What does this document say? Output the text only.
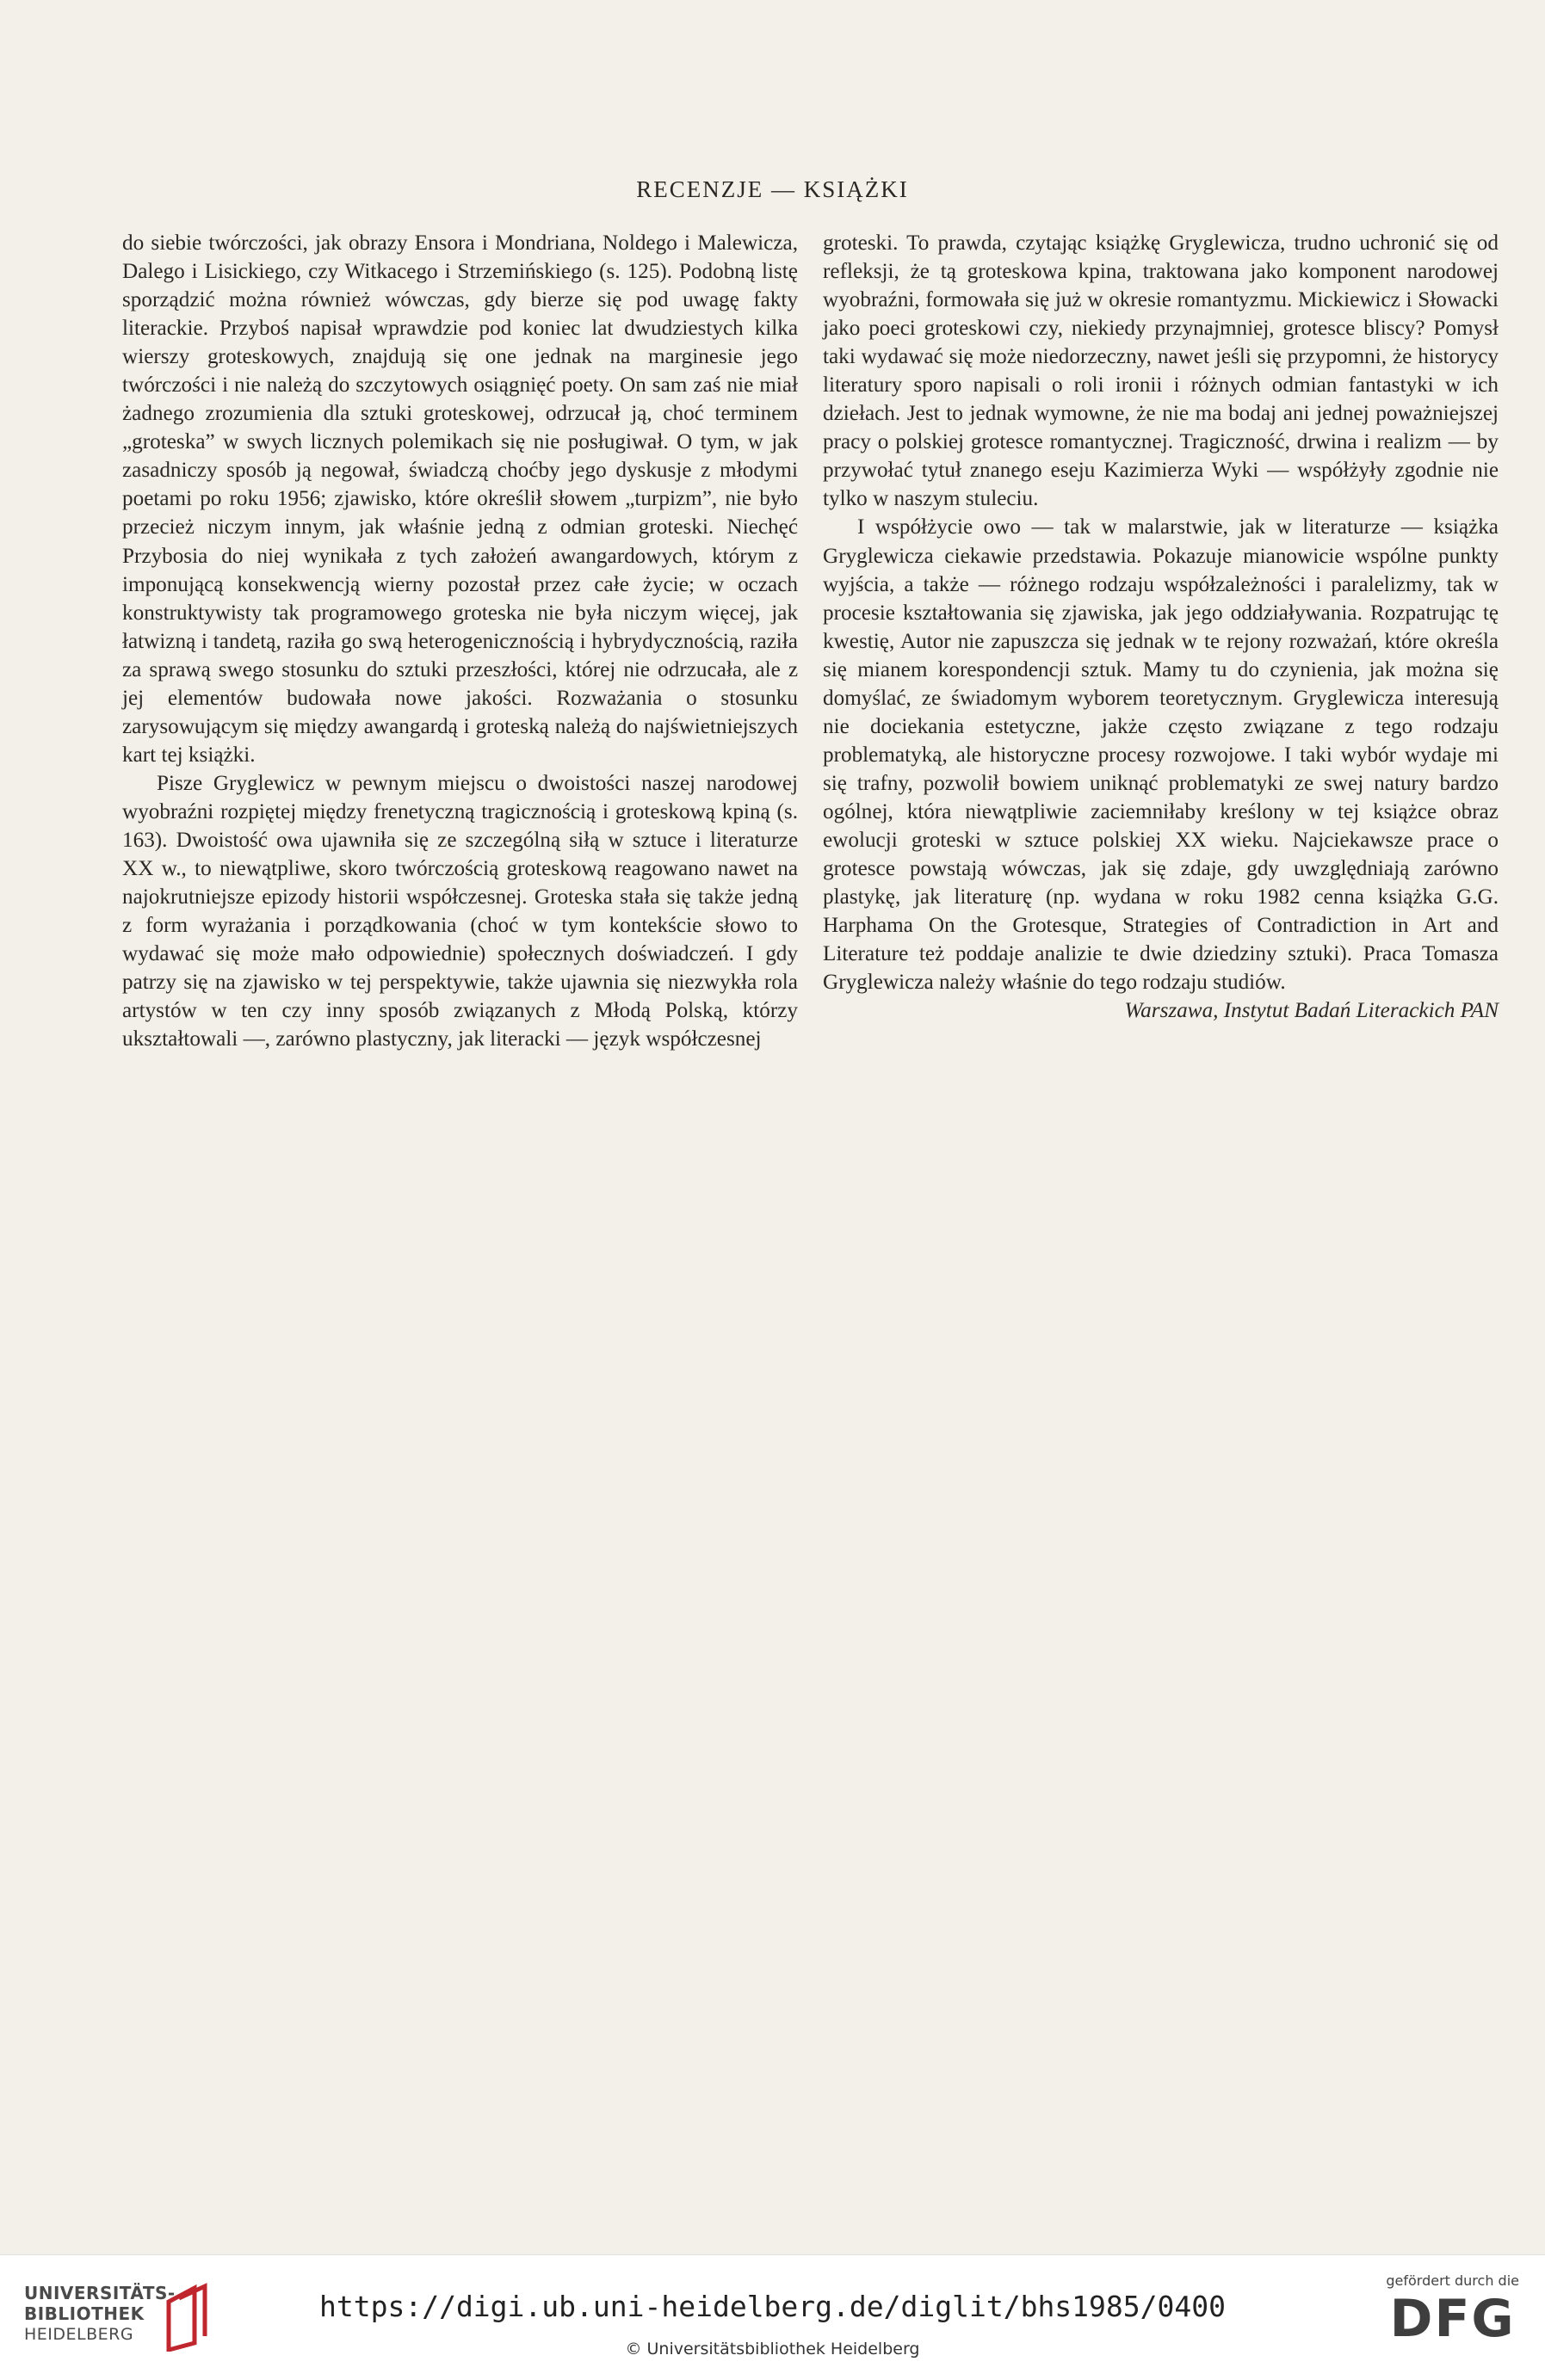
RECENZJE — KSIĄŻKI

do siebie twórczości, jak obrazy Ensora i Mondriana, Noldego i Malewicza, Dalego i Lisickiego, czy Witkacego i Strzemińskiego (s. 125). Podobną listę sporządzić można również wówczas, gdy bierze się pod uwagę fakty literackie. Przyboś napisał wprawdzie pod koniec lat dwudziestych kilka wierszy groteskowych, znajdują się one jednak na marginesie jego twórczości i nie należą do szczytowych osiągnięć poety. On sam zaś nie miał żadnego zrozumienia dla sztuki groteskowej, odrzucał ją, choć terminem „groteska” w swych licznych polemikach się nie posługiwał. O tym, w jak zasadniczy sposób ją negował, świadczą choćby jego dyskusje z młodymi poetami po roku 1956; zjawisko, które określił słowem „turpizm”, nie było przecież niczym innym, jak właśnie jedną z odmian groteski. Niechęć Przybosia do niej wynikała z tych założeń awangardowych, którym z imponującą konsekwencją wierny pozostał przez całe życie; w oczach konstruktywisty tak programowego groteska nie była niczym więcej, jak łatwizną i tandetą, raziła go swą heterogenicznością i hybrydycznością, raziła za sprawą swego stosunku do sztuki przeszłości, której nie odrzucała, ale z jej elementów budowała nowe jakości. Rozważania o stosunku zarysowującym się między awangardą i groteską należą do najświetniejszych kart tej książki.

Pisze Gryglewicz w pewnym miejscu o dwoistości naszej narodowej wyobraźni rozpiętej między frenetyczną tragicznością i groteskową kpiną (s. 163). Dwoistość owa ujawniła się ze szczególną siłą w sztuce i literaturze XX w., to niewątpliwe, skoro twórczością groteskową reagowano nawet na najokrutniejsze epizody historii współczesnej. Groteska stała się także jedną z form wyrażania i porządkowania (choć w tym kontekście słowo to wydawać się może mało odpowiednie) społecznych doświadczeń. I gdy patrzy się na zjawisko w tej perspektywie, także ujawnia się niezwykła rola artystów w ten czy inny sposób związanych z Młodą Polską, którzy ukształtowali —, zarówno plastyczny, jak literacki — język współczesnej

groteski. To prawda, czytając książkę Gryglewicza, trudno uchronić się od refleksji, że tą groteskowa kpina, traktowana jako komponent narodowej wyobraźni, formowała się już w okresie romantyzmu. Mickiewicz i Słowacki jako poeci groteskowi czy, niekiedy przynajmniej, grotesce bliscy? Pomysł taki wydawać się może niedorzeczny, nawet jeśli się przypomni, że historycy literatury sporo napisali o roli ironii i różnych odmian fantastyki w ich dziełach. Jest to jednak wymowne, że nie ma bodaj ani jednej poważniejszej pracy o polskiej grotesce romantycznej. Tragiczność, drwina i realizm — by przywołać tytuł znanego eseju Kazimierza Wyki — współżyły zgodnie nie tylko w naszym stuleciu.

I współżycie owo — tak w malarstwie, jak w literaturze — książka Gryglewicza ciekawie przedstawia. Pokazuje mianowicie wspólne punkty wyjścia, a także — różnego rodzaju współzależności i paralelizmy, tak w procesie kształtowania się zjawiska, jak jego oddziaływania. Rozpatrując tę kwestię, Autor nie zapuszcza się jednak w te rejony rozważań, które określa się mianem korespondencji sztuk. Mamy tu do czynienia, jak można się domyślać, ze świadomym wyborem teoretycznym. Gryglewicza interesują nie dociekania estetyczne, jakże często związane z tego rodzaju problematyką, ale historyczne procesy rozwojowe. I taki wybór wydaje mi się trafny, pozwolił bowiem uniknąć problematyki ze swej natury bardzo ogólnej, która niewątpliwie zaciemniłaby kreślony w tej książce obraz ewolucji groteski w sztuce polskiej XX wieku. Najciekawsze prace o grotesce powstają wówczas, jak się zdaje, gdy uwzględniają zarówno plastykę, jak literaturę (np. wydana w roku 1982 cenna książka G.G. Harphama On the Grotesque, Strategies of Contradiction in Art and Literature też poddaje analizie te dwie dziedziny sztuki). Praca Tomasza Gryglewicza należy właśnie do tego rodzaju studiów.

Warszawa, Instytut Badań Literackich PAN

UNIVERSITÄTS-
BIBLIOTHEK
HEIDELBERG
https://digi.ub.uni-heidelberg.de/diglit/bhs1985/0400
© Universitätsbibliothek Heidelberg
gefördert durch die
DFG
